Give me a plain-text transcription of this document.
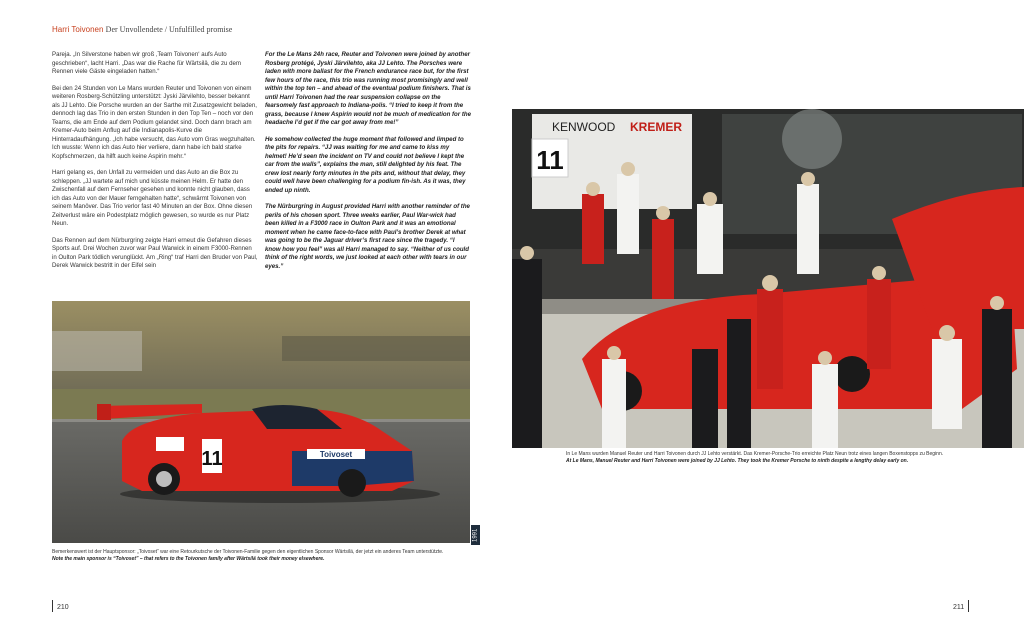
Harri Toivonen Der Unvollendete / Unfulfilled promise

Pareja. „In Silverstone haben wir groß ‚Team Toivonen‘ aufs Auto geschrieben“, lacht Harri. „Das war die Rache für Wärtsilä, die zu dem Rennen viele Gäste eingeladen hatten.“

Bei den 24 Stunden von Le Mans wurden Reuter und Toivonen von einem weiteren Rosberg-Schützling unterstützt: Jyski Järvilehto, besser bekannt als JJ Lehto. Die Porsche wurden an der Sarthe mit Zusatzgewicht beladen, dennoch lag das Trio in den ersten Stunden in den Top Ten – noch vor den Teams, die am Ende auf dem Podium gelandet sind. Doch dann brach am Kremer-Auto beim Anflug auf die Indianapolis-Kurve die Hinterradaufhängung. „Ich habe versucht, das Auto vom Gras wegzuhalten. Ich wusste: Wenn ich das Auto hier verliere, dann habe ich bald starke Kopfschmerzen, da hilft auch keine Aspirin mehr.“

Harri gelang es, den Unfall zu vermeiden und das Auto an die Box zu schleppen. „JJ wartete auf mich und küsste meinen Helm. Er hatte den Zwischenfall auf dem Fernseher gesehen und konnte nicht glauben, dass ich das Auto von der Mauer ferngehalten hatte“, schwärmt Toivonen von seinem Manöver. Das Trio verlor fast 40 Minuten an der Box. Ohne diesen Zeitverlust wäre ein Podestplatz möglich gewesen, so wurde es nur Platz Neun.

Das Rennen auf dem Nürburgring zeigte Harri erneut die Gefahren dieses Sports auf. Drei Wochen zuvor war Paul Warwick in einem F3000-Rennen in Oulton Park tödlich verunglückt. Am „Ring“ traf Harri den Bruder von Paul, Derek Warwick bestritt in der Eifel sein

For the Le Mans 24h race, Reuter and Toivonen were joined by another Rosberg protégé, Jyski Järvilehto, aka JJ Lehto. The Porsches were laden with more ballast for the French endurance race but, for the first few hours of the race, this trio was running most promisingly and well within the top ten – and ahead of the eventual podium finishers. That is until Harri Toivonen had the rear suspension collapse on the fearsomely fast approach to Indiana-polis. “I tried to keep it from the grass, because I knew Aspirin would not be much of medication for the headache I’d get if the car got away from me!”

He somehow collected the huge moment that followed and limped to the pits for repairs. “JJ was waiting for me and came to kiss my helmet! He’d seen the incident on TV and could not believe I kept the car from the walls”, explains the man, still delighted by his feat. The crew lost nearly forty minutes in the pits and, without that delay, they could well have been challenging for a podium fin-ish. As it was, they ended up ninth.

The Nürburgring in August provided Harri with another reminder of the perils of his chosen sport. Three weeks earlier, Paul War-wick had been killed in a F3000 race in Oulton Park and it was an emotional moment when he came face-to-face with Paul’s brother Derek at what was going to be the Jaguar driver’s first race since the tragedy. “I know how you feel” was all Harri managed to say. “Neither of us could think of the right words, we just looked at each other with tears in our eyes.”

11	Toivoset
1991
KENWOOD KREMER
11
Bemerkenswert ist der Hauptsponsor: „Toivoset“ war eine Retourkutsche der Toivonen-Familie gegen den eigentlichen Sponsor Wärtsilä, der jetzt ein anderes Team unterstützte.
Note the main sponsor is “Toivoset” – that refers to the Toivonen family after Wärtsilä took their money elsewhere.
In Le Mans wurden Manuel Reuter und Harri Toivonen durch JJ Lehto verstärkt. Das Kremer-Porsche-Trio erreichte Platz Neun trotz eines langen Boxenstopps zu Beginn.
At Le Mans, Manuel Reuter and Harri Toivonen were joined by JJ Lehto. They took the Kremer Porsche to ninth despite a lengthy delay early on.
210	211
